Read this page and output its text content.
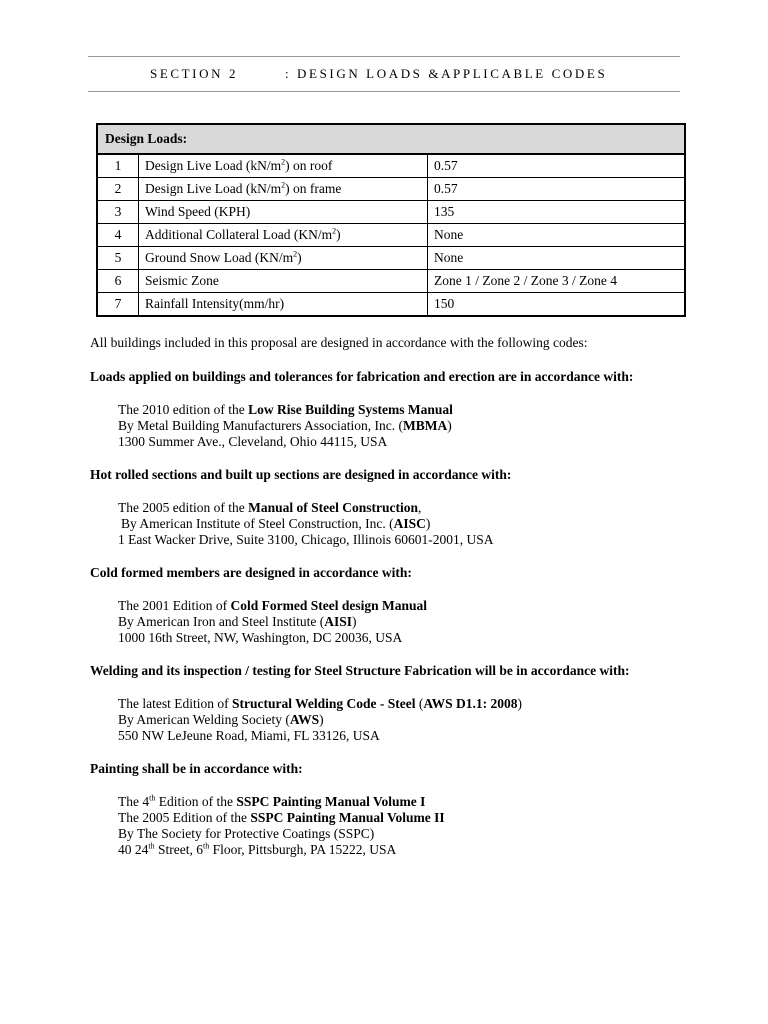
SECTION 2	: DESIGN LOADS &APPLICABLE CODES
Design Loads:		
1	Design Live Load $(kN/m^2)$ on roof	0.57
2	Design Live Load $(kN/m^2)$ on frame	0.57
3	Wind Speed (KPH)	135
4	Additional Collateral Load $(KN/m^2)$	None
5	Ground Snow Load $(KN/m^2)$	None
6	Seismic Zone	Zone 1 / Zone 2 / Zone 3 / Zone 4
7	Rainfall Intensity(mm/hr)	150

All buildings included in this proposal are designed in accordance with the following codes:

Loads applied on buildings and tolerances for fabrication and erection are in accordance with:

The 2010 edition of the Low Rise Building Systems Manual
By Metal Building Manufacturers Association, Inc. (MBMA)
1300 Summer Ave., Cleveland, Ohio 44115, USA

Hot rolled sections and built up sections are designed in accordance with:

The 2005 edition of the Manual of Steel Construction,
By American Institute of Steel Construction, Inc. (AISC)
1 East Wacker Drive, Suite 3100, Chicago, Illinois 60601-2001, USA

Cold formed members are designed in accordance with:

The 2001 Edition of Cold Formed Steel design Manual
By American Iron and Steel Institute (AISI)
1000 16th Street, NW, Washington, DC 20036, USA

Welding and its inspection / testing for Steel Structure Fabrication will be in accordance with:

The latest Edition of Structural Welding Code - Steel (AWS D1.1: 2008)
By American Welding Society (AWS)
550 NW LeJeune Road, Miami, FL 33126, USA

Painting shall be in accordance with:

The 4th Edition of the SSPC Painting Manual Volume I
The 2005 Edition of the SSPC Painting Manual Volume II
By The Society for Protective Coatings (SSPC)
40 24th Street, 6th Floor, Pittsburgh, PA 15222, USA
